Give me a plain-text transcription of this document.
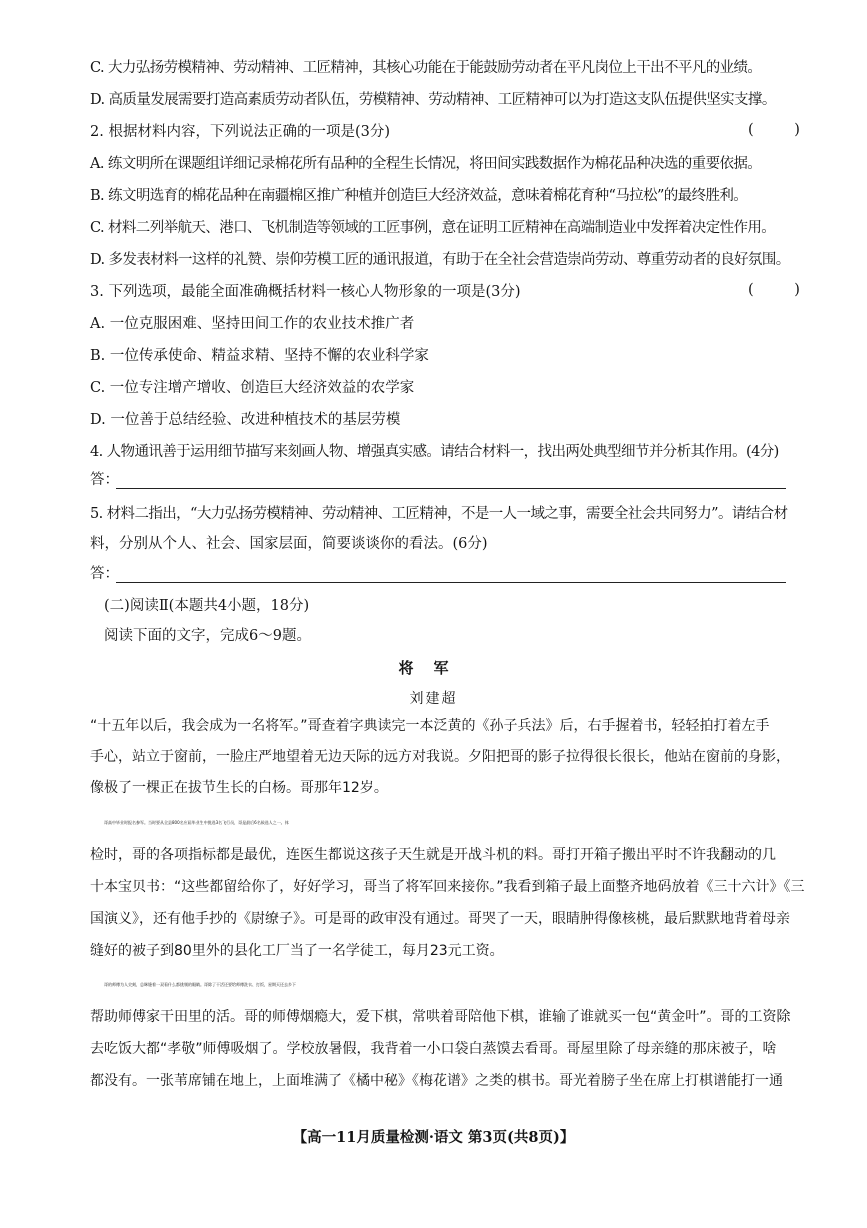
C. 大力弘扬劳模精神、劳动精神、工匠精神，其核心功能在于能鼓励劳动者在平凡岗位上干出不平凡的业绩。
D. 高质量发展需要打造高素质劳动者队伍，劳模精神、劳动精神、工匠精神可以为打造这支队伍提供坚实支撑。
2. 根据材料内容，下列说法正确的一项是(3分)	( )
A. 练文明所在课题组详细记录棉花所有品种的全程生长情况，将田间实践数据作为棉花品种决选的重要依据。
B. 练文明选育的棉花品种在南疆棉区推广种植并创造巨大经济效益，意味着棉花育种“马拉松”的最终胜利。
C. 材料二列举航天、港口、飞机制造等领域的工匠事例，意在证明工匠精神在高端制造业中发挥着决定性作用。
D. 多发表材料一这样的礼赞、崇仰劳模工匠的通讯报道，有助于在全社会营造崇尚劳动、尊重劳动者的良好氛围。
3. 下列选项，最能全面准确概括材料一核心人物形象的一项是(3分)	( )
A. 一位克服困难、坚持田间工作的农业技术推广者
B. 一位传承使命、精益求精、坚持不懈的农业科学家
C. 一位专注增产增收、创造巨大经济效益的农学家
D. 一位善于总结经验、改进种植技术的基层劳模
4. 人物通讯善于运用细节描写来刻画人物、增强真实感。请结合材料一，找出两处典型细节并分析其作用。(4分)
答：
5. 材料二指出，“大力弘扬劳模精神、劳动精神、工匠精神，不是一人一域之事，需要全社会共同努力”。请结合材
料，分别从个人、社会、国家层面，简要谈谈你的看法。(6分)
答：
(二)阅读Ⅱ(本题共4小题，18分)
阅读下面的文字，完成6～9题。
将军
刘建超
“十五年以后，我会成为一名将军。”哥查着字典读完一本泛黄的《孙子兵法》后，右手握着书，轻轻拍打着左手
手心，站立于窗前，一脸庄严地望着无边天际的远方对我说。夕阳把哥的影子拉得很长很长，他站在窗前的身影，
像极了一棵正在拔节生长的白杨。哥那年12岁。
哥高中毕业时报名参军。当时要从全县800名应届毕业生中挑选3名飞行员，哥是最后6名候选人之一。体
检时，哥的各项指标都是最优，连医生都说这孩子天生就是开战斗机的料。哥打开箱子搬出平时不许我翻动的几
十本宝贝书：“这些都留给你了，好好学习，哥当了将军回来接你。”我看到箱子最上面整齐地码放着《三十六计》《三
国演义》，还有他手抄的《尉缭子》。可是哥的政审没有通过。哥哭了一天，眼睛肿得像核桃，最后默默地背着母亲
缝好的被子到80里外的县化工厂当了一名学徒工，每月23元工资。
哥的师傅为人尖刻，总眯缝着一双看什么都挑剔的眼睛。哥除了干活还要给师傅洗衣、打饭，星期天还去乡下
帮助师傅家干田里的活。哥的师傅烟瘾大，爱下棋，常哄着哥陪他下棋，谁输了谁就买一包“黄金叶”。哥的工资除
去吃饭大都“孝敬”师傅吸烟了。学校放暑假，我背着一小口袋白蒸馍去看哥。哥屋里除了母亲缝的那床被子，啥
都没有。一张苇席铺在地上，上面堆满了《橘中秘》《梅花谱》之类的棋书。哥光着膀子坐在席上打棋谱能打一通
【高一11月质量检测·语文 第3页(共8页)】
